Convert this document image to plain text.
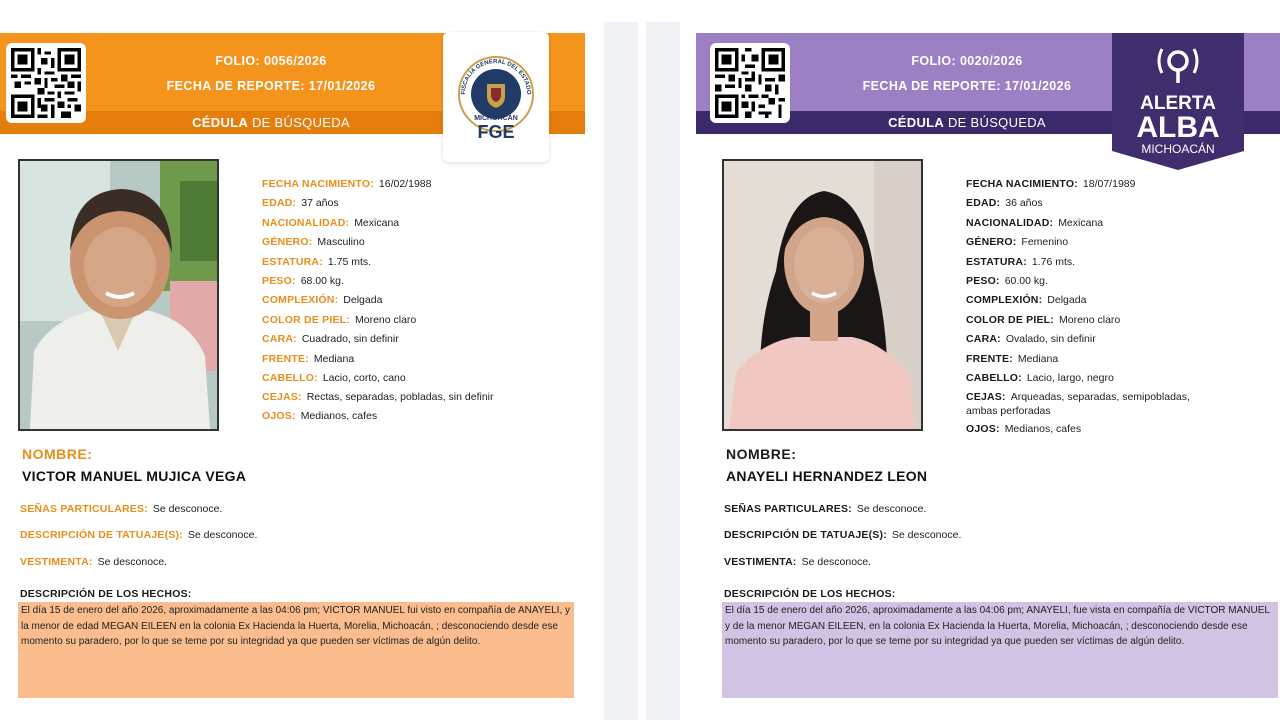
FOLIO: 0056/2026
FECHA DE REPORTE: 17/01/2026
CÉDULA DE BÚSQUEDA
FISCALÍA GENERAL DEL ESTADO
MICHOACÁN
FGE
FECHA NACIMIENTO: 16/02/1988
EDAD: 37 años
NACIONALIDAD: Mexicana
GÉNERO: Masculino
ESTATURA: 1.75 mts.
PESO: 68.00 kg.
COMPLEXIÓN: Delgada
COLOR DE PIEL: Moreno claro
CARA: Cuadrado, sin definir
FRENTE: Mediana
CABELLO: Lacio, corto, cano
CEJAS: Rectas, separadas, pobladas, sin definir
OJOS: Medianos, cafes
NOMBRE:
VICTOR MANUEL MUJICA VEGA
SEÑAS PARTICULARES: Se desconoce.
DESCRIPCIÓN DE TATUAJE(S): Se desconoce.
VESTIMENTA: Se desconoce.
DESCRIPCIÓN DE LOS HECHOS:
El día 15 de enero del año 2026, aproximadamente a las 04:06 pm; VICTOR MANUEL fui visto en compañía de ANAYELI, y la menor de edad MEGAN EILEEN en la colonia Ex Hacienda la Huerta, Morelia, Michoacán, ; desconociendo desde ese momento su paradero, por lo que se teme por su integridad ya que pueden ser víctimas de algún delito.
FOLIO: 0020/2026
FECHA DE REPORTE: 17/01/2026
CÉDULA DE BÚSQUEDA
ALERTA
ALBA
MICHOACÁN
FECHA NACIMIENTO: 18/07/1989
EDAD: 36 años
NACIONALIDAD: Mexicana
GÉNERO: Femenino
ESTATURA: 1.76 mts.
PESO: 60.00 kg.
COMPLEXIÓN: Delgada
COLOR DE PIEL: Moreno claro
CARA: Ovalado, sin definir
FRENTE: Mediana
CABELLO: Lacio, largo, negro
CEJAS: Arqueadas, separadas, semipobladas, ambas perforadas
OJOS: Medianos, cafes
NOMBRE:
ANAYELI HERNANDEZ LEON
SEÑAS PARTICULARES: Se desconoce.
DESCRIPCIÓN DE TATUAJE(S): Se desconoce.
VESTIMENTA: Se desconoce.
DESCRIPCIÓN DE LOS HECHOS:
El día 15 de enero del año 2026, aproximadamente a las 04:06 pm; ANAYELI, fue vista en compañía de VICTOR MANUEL y de la menor MEGAN EILEEN, en la colonia Ex Hacienda la Huerta, Morelia, Michoacán, ; desconociendo desde ese momento su paradero, por lo que se teme por su integridad ya que pueden ser víctimas de algún delito.
